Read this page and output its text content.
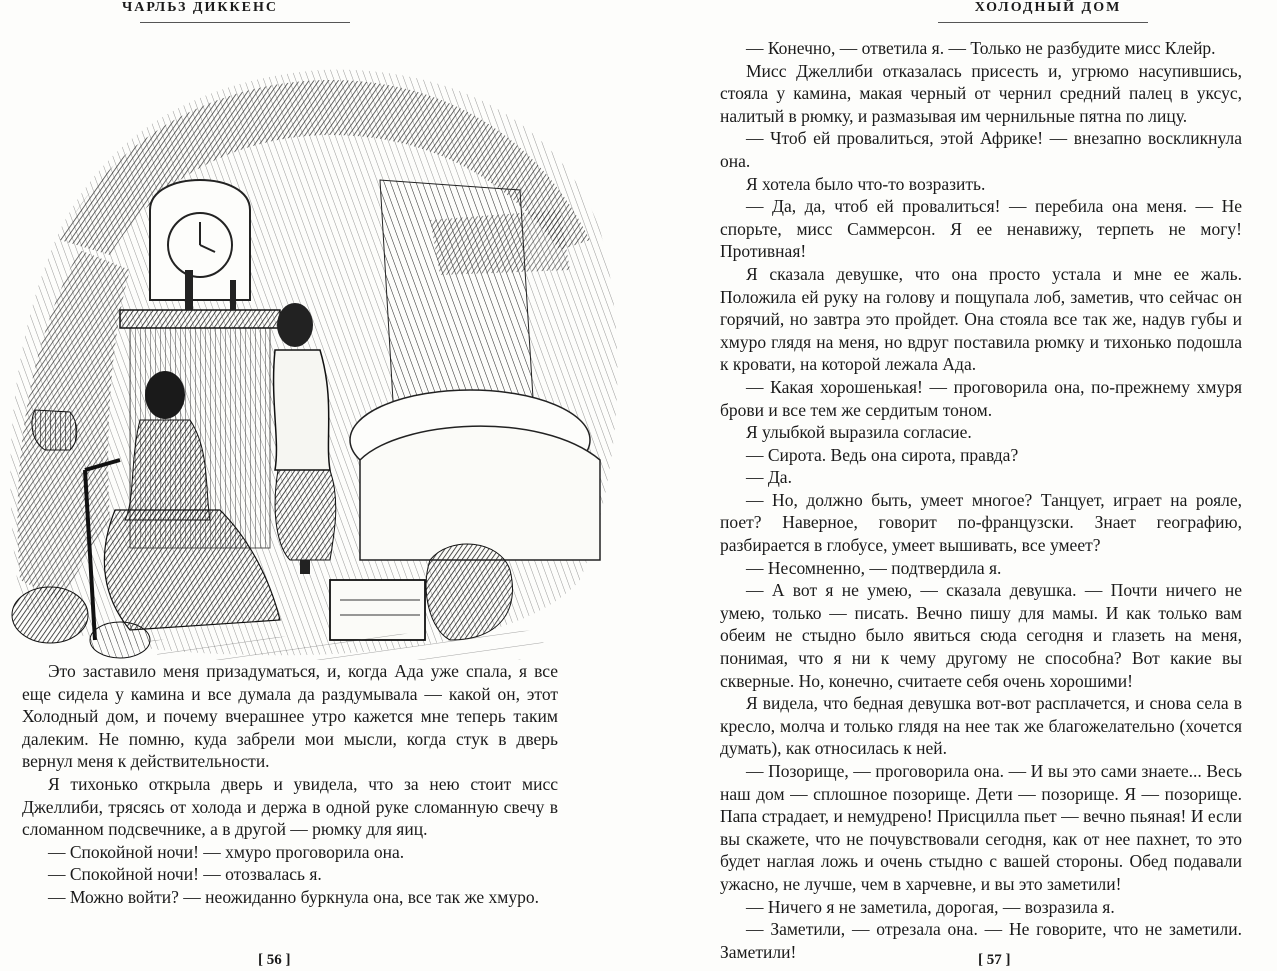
ЧАРЛЬЗ ДИККЕНС

Это заставило меня призадуматься, и, когда Ада уже спала, я все еще сидела у камина и все думала да раздумывала — какой он, этот Холодный дом, и почему вчерашнее утро кажется мне теперь таким далеким. Не помню, куда забрели мои мысли, когда стук в дверь вернул меня к действительности.

Я тихонько открыла дверь и увидела, что за нею стоит мисс Джеллиби, трясясь от холода и держа в одной руке сломанную свечу в сломанном подсвечнике, а в другой — рюмку для яиц.

— Спокойной ночи! — хмуро проговорила она.

— Спокойной ночи! — отозвалась я.

— Можно войти? — неожиданно буркнула она, все так же хмуро.

[ 56 ]
ХОЛОДНЫЙ ДОМ

— Конечно, — ответила я. — Только не разбудите мисс Клейр.

Мисс Джеллиби отказалась присесть и, угрюмо насупившись, стояла у камина, макая черный от чернил средний палец в уксус, налитый в рюмку, и размазывая им чернильные пятна по лицу.

— Чтоб ей провалиться, этой Африке! — внезапно воскликнула она.

Я хотела было что-то возразить.

— Да, да, чтоб ей провалиться! — перебила она меня. — Не спорьте, мисс Саммерсон. Я ее ненавижу, терпеть не могу! Противная!

Я сказала девушке, что она просто устала и мне ее жаль. Положила ей руку на голову и пощупала лоб, заметив, что сейчас он горячий, но завтра это пройдет. Она стояла все так же, надув губы и хмуро глядя на меня, но вдруг поставила рюмку и тихонько подошла к кровати, на которой лежала Ада.

— Какая хорошенькая! — проговорила она, по-прежнему хмуря брови и все тем же сердитым тоном.

Я улыбкой выразила согласие.

— Сирота. Ведь она сирота, правда?

— Да.

— Но, должно быть, умеет многое? Танцует, играет на рояле, поет? Наверное, говорит по-французски. Знает географию, разбирается в глобусе, умеет вышивать, все умеет?

— Несомненно, — подтвердила я.

— А вот я не умею, — сказала девушка. — Почти ничего не умею, только — писать. Вечно пишу для мамы. И как только вам обеим не стыдно было явиться сюда сегодня и глазеть на меня, понимая, что я ни к чему другому не способна? Вот какие вы скверные. Но, конечно, считаете себя очень хорошими!

Я видела, что бедная девушка вот-вот расплачется, и снова села в кресло, молча и только глядя на нее так же благожелательно (хочется думать), как относилась к ней.

— Позорище, — проговорила она. — И вы это сами знаете... Весь наш дом — сплошное позорище. Дети — позорище. Я — позорище. Папа страдает, и немудрено! Присцилла пьет — вечно пьяная! И если вы скажете, что не почувствовали сегодня, как от нее пахнет, то это будет наглая ложь и очень стыдно с вашей стороны. Обед подавали ужасно, не лучше, чем в харчевне, и вы это заметили!

— Ничего я не заметила, дорогая, — возразила я.

— Заметили, — отрезала она. — Не говорите, что не заметили. Заметили!	[ 57 ]
